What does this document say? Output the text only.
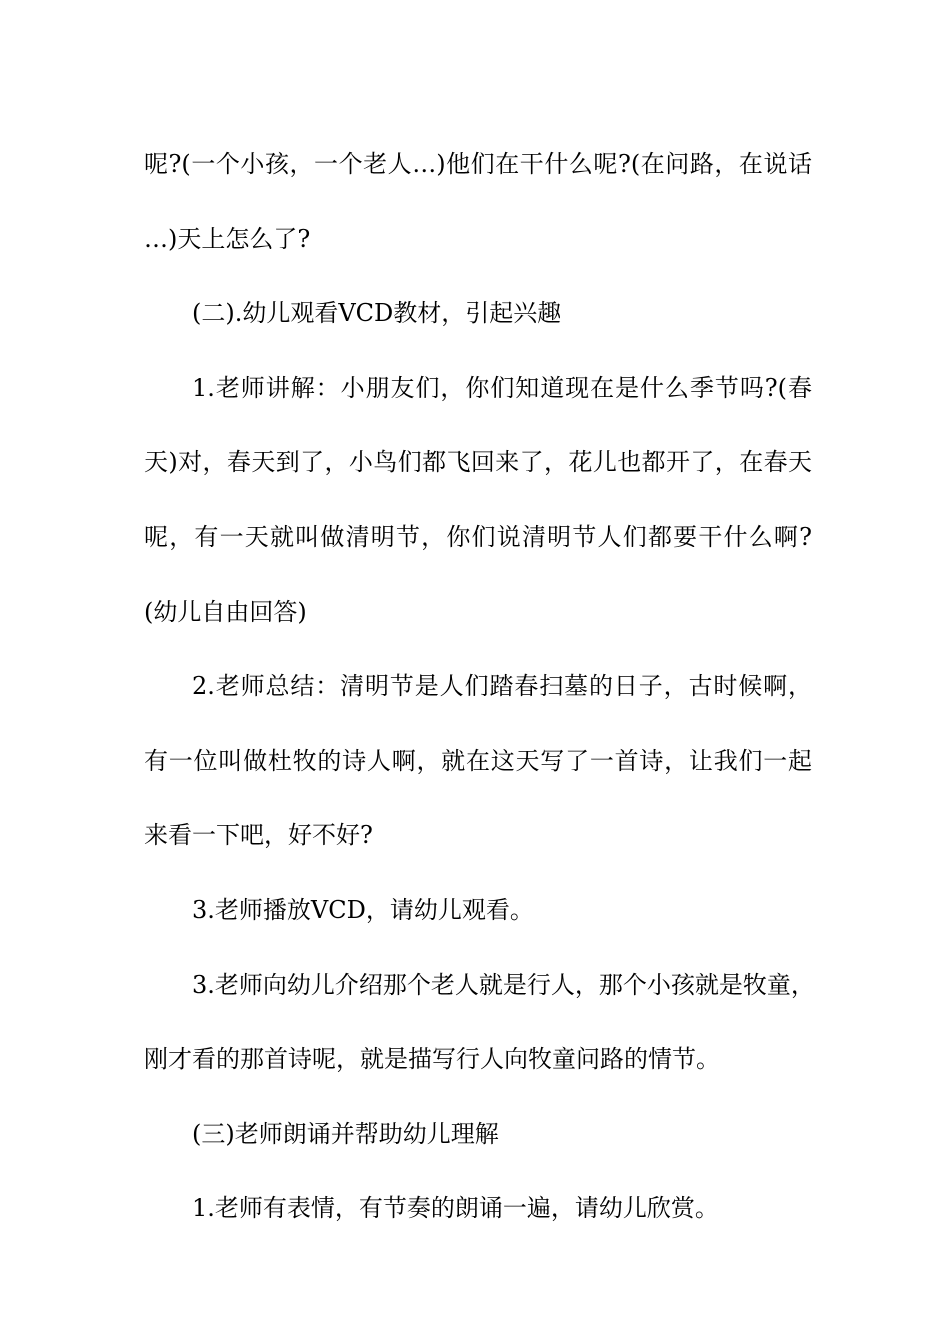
呢?(一个小孩，一个老人…)他们在干什么呢?(在问路，在说话
…)天上怎么了?
(二).幼儿观看VCD教材，引起兴趣
1.老师讲解：小朋友们，你们知道现在是什么季节吗?(春
天)对，春天到了，小鸟们都飞回来了，花儿也都开了，在春天
呢，有一天就叫做清明节，你们说清明节人们都要干什么啊?
(幼儿自由回答)
2.老师总结：清明节是人们踏春扫墓的日子，古时候啊，
有一位叫做杜牧的诗人啊，就在这天写了一首诗，让我们一起
来看一下吧，好不好?
3.老师播放VCD，请幼儿观看。
3.老师向幼儿介绍那个老人就是行人，那个小孩就是牧童，
刚才看的那首诗呢，就是描写行人向牧童问路的情节。
(三)老师朗诵并帮助幼儿理解
1.老师有表情，有节奏的朗诵一遍，请幼儿欣赏。
